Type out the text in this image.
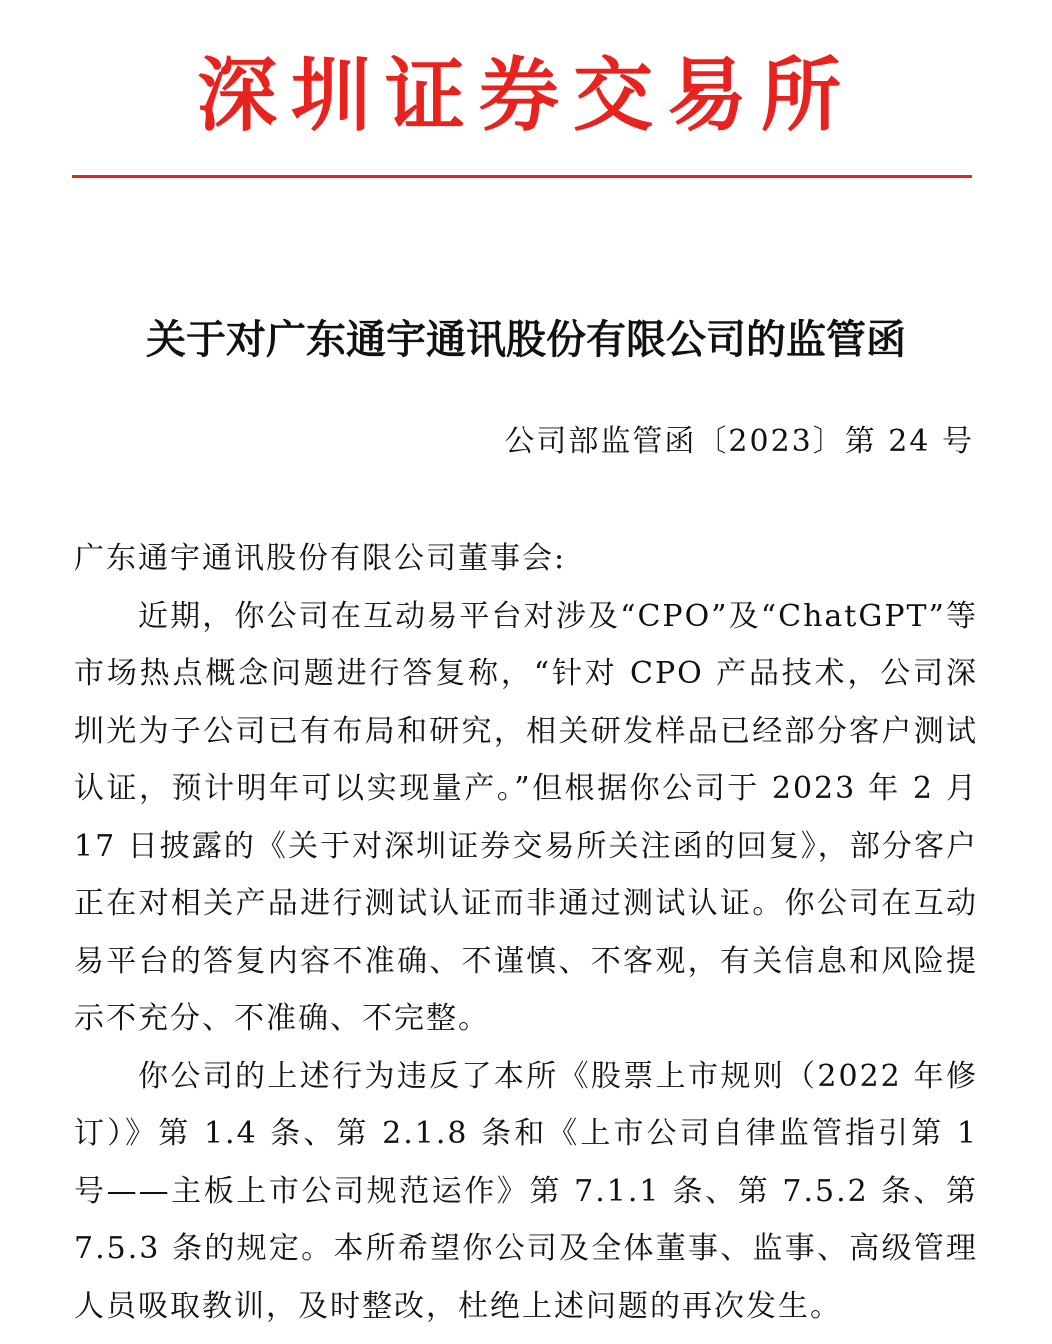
深圳证券交易所
关于对广东通宇通讯股份有限公司的监管函
公司部监管函〔2023〕第 24 号

广东通宇通讯股份有限公司董事会:

近期，你公司在互动易平台对涉及“CPO”及“ChatGPT”等市场热点概念问题进行答复称，“针对 CPO 产品技术，公司深圳光为子公司已有布局和研究，相关研发样品已经部分客户测试认证，预计明年可以实现量产。”但根据你公司于 2023 年 2 月 17 日披露的《关于对深圳证券交易所关注函的回复》，部分客户正在对相关产品进行测试认证而非通过测试认证。你公司在互动易平台的答复内容不准确、不谨慎、不客观，有关信息和风险提示不充分、不准确、不完整。

你公司的上述行为违反了本所《股票上市规则（2022 年修订）》第 1.4 条、第 2.1.8 条和《上市公司自律监管指引第 1 号——主板上市公司规范运作》第 7.1.1 条、第 7.5.2 条、第 7.5.3 条的规定。本所希望你公司及全体董事、监事、高级管理人员吸取教训，及时整改，杜绝上述问题的再次发生。
